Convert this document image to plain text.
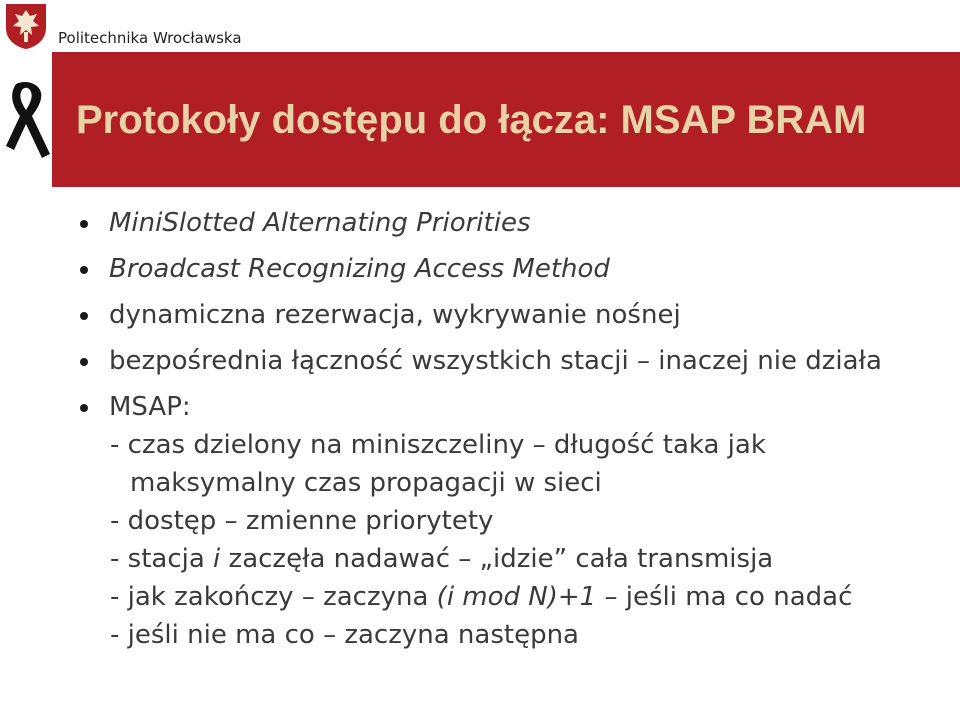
Politechnika Wrocławska
Protokoły dostępu do łącza: MSAP BRAM
MiniSlotted Alternating Priorities
Broadcast Recognizing Access Method
dynamiczna rezerwacja, wykrywanie nośnej
bezpośrednia łączność wszystkich stacji – inaczej nie działa
MSAP:
- czas dzielony na miniszczeliny – długość taka jak
maksymalny czas propagacji w sieci
- dostęp – zmienne priorytety
- stacja i zaczęła nadawać – „idzie” cała transmisja
- jak zakończy – zaczyna (i mod N)+1 – jeśli ma co nadać
- jeśli nie ma co – zaczyna następna
